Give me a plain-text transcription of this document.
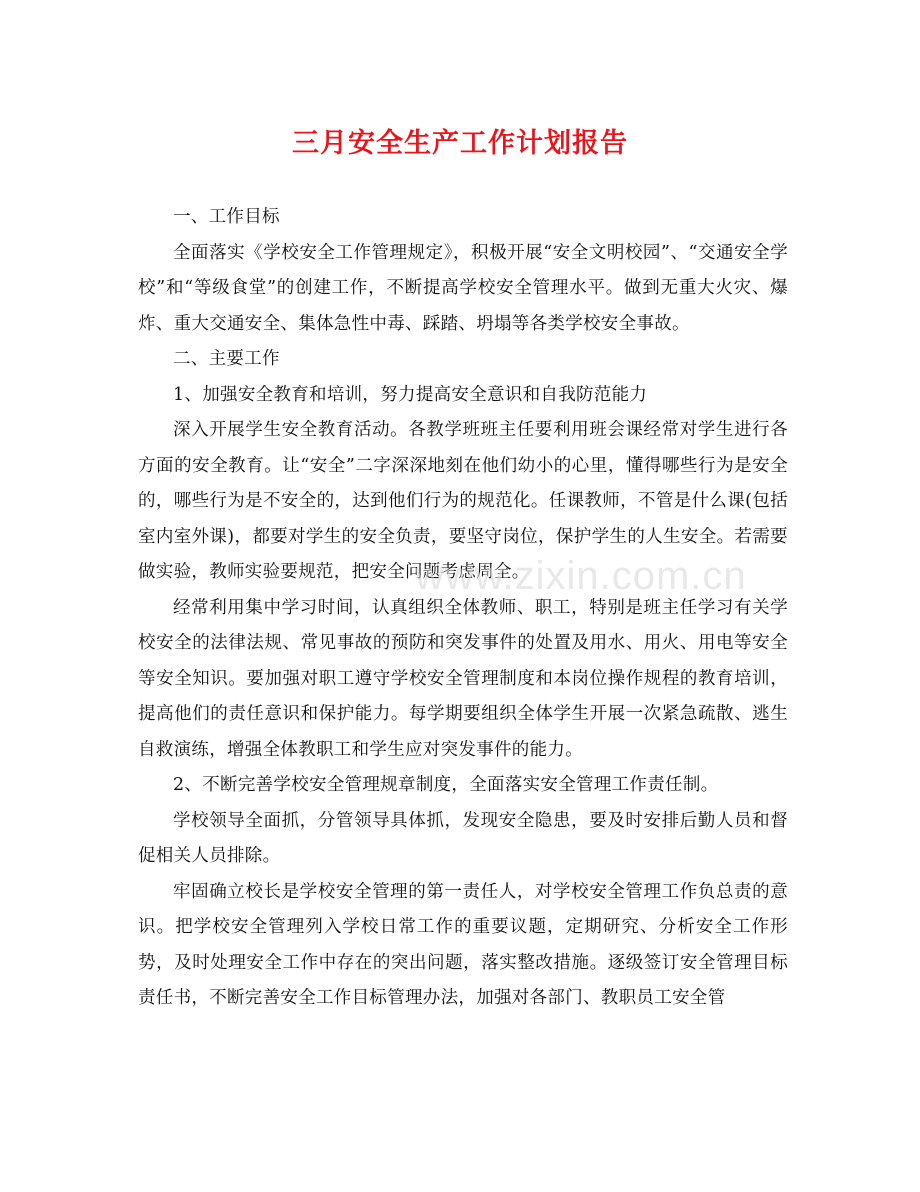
三月安全生产工作计划报告

一、工作目标

全面落实《学校安全工作管理规定》，积极开展“安全文明校园”、“交通安全学校”和“等级食堂”的创建工作，不断提高学校安全管理水平。做到无重大火灾、爆炸、重大交通安全、集体急性中毒、踩踏、坍塌等各类学校安全事故。

二、主要工作

1、加强安全教育和培训，努力提高安全意识和自我防范能力

深入开展学生安全教育活动。各教学班班主任要利用班会课经常对学生进行各方面的安全教育。让“安全”二字深深地刻在他们幼小的心里，懂得哪些行为是安全的，哪些行为是不安全的，达到他们行为的规范化。任课教师，不管是什么课(包括室内室外课)，都要对学生的安全负责，要坚守岗位，保护学生的人生安全。若需要做实验，教师实验要规范，把安全问题考虑周全。

经常利用集中学习时间，认真组织全体教师、职工，特别是班主任学习有关学校安全的法律法规、常见事故的预防和突发事件的处置及用水、用火、用电等安全等安全知识。要加强对职工遵守学校安全管理制度和本岗位操作规程的教育培训，提高他们的责任意识和保护能力。每学期要组织全体学生开展一次紧急疏散、逃生自救演练，增强全体教职工和学生应对突发事件的能力。

2、不断完善学校安全管理规章制度，全面落实安全管理工作责任制。

学校领导全面抓，分管领导具体抓，发现安全隐患，要及时安排后勤人员和督促相关人员排除。

牢固确立校长是学校安全管理的第一责任人，对学校安全管理工作负总责的意识。把学校安全管理列入学校日常工作的重要议题，定期研究、分析安全工作形势，及时处理安全工作中存在的突出问题，落实整改措施。逐级签订安全管理目标责任书，不断完善安全工作目标管理办法，加强对各部门、教职员工安全管

www.zixin.com.cn
